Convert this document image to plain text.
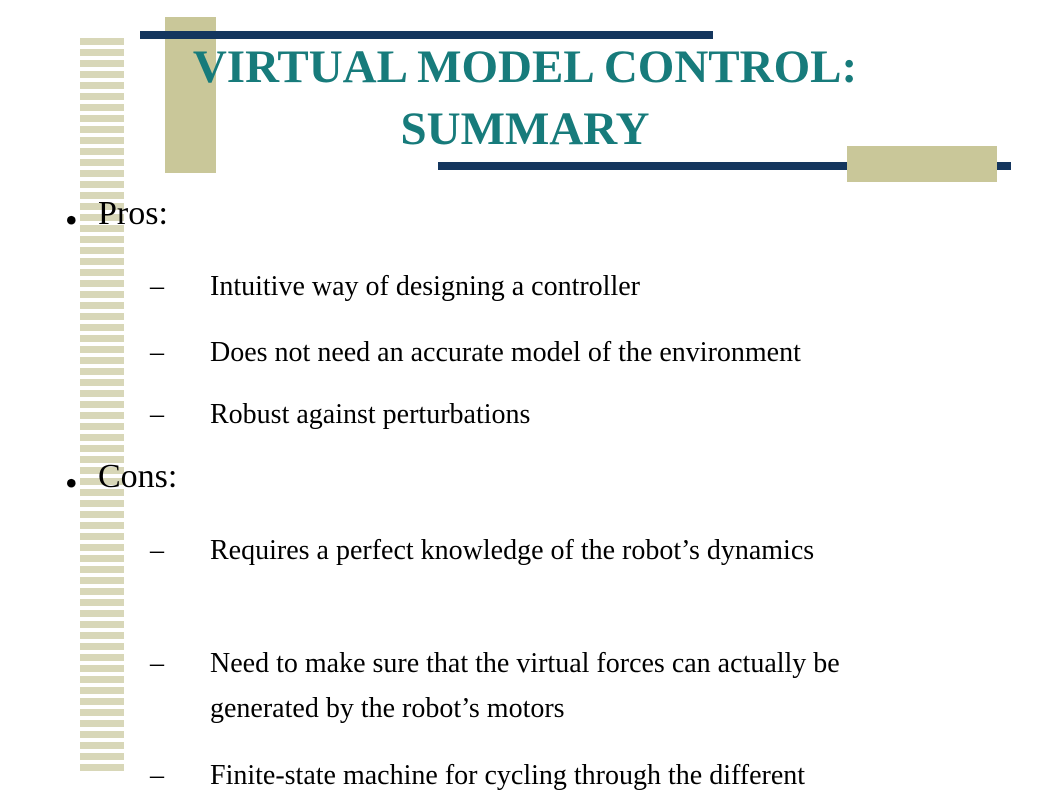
VIRTUAL MODEL CONTROL:
SUMMARY
• Pros:
– Intuitive way of designing a controller
– Does not need an accurate model of the environment
– Robust against perturbations
• Cons:
– Requires a perfect knowledge of the robot’s dynamics
– Need to make sure that the virtual forces can actually be generated by the robot’s motors
– Finite-state machine for cycling through the different
